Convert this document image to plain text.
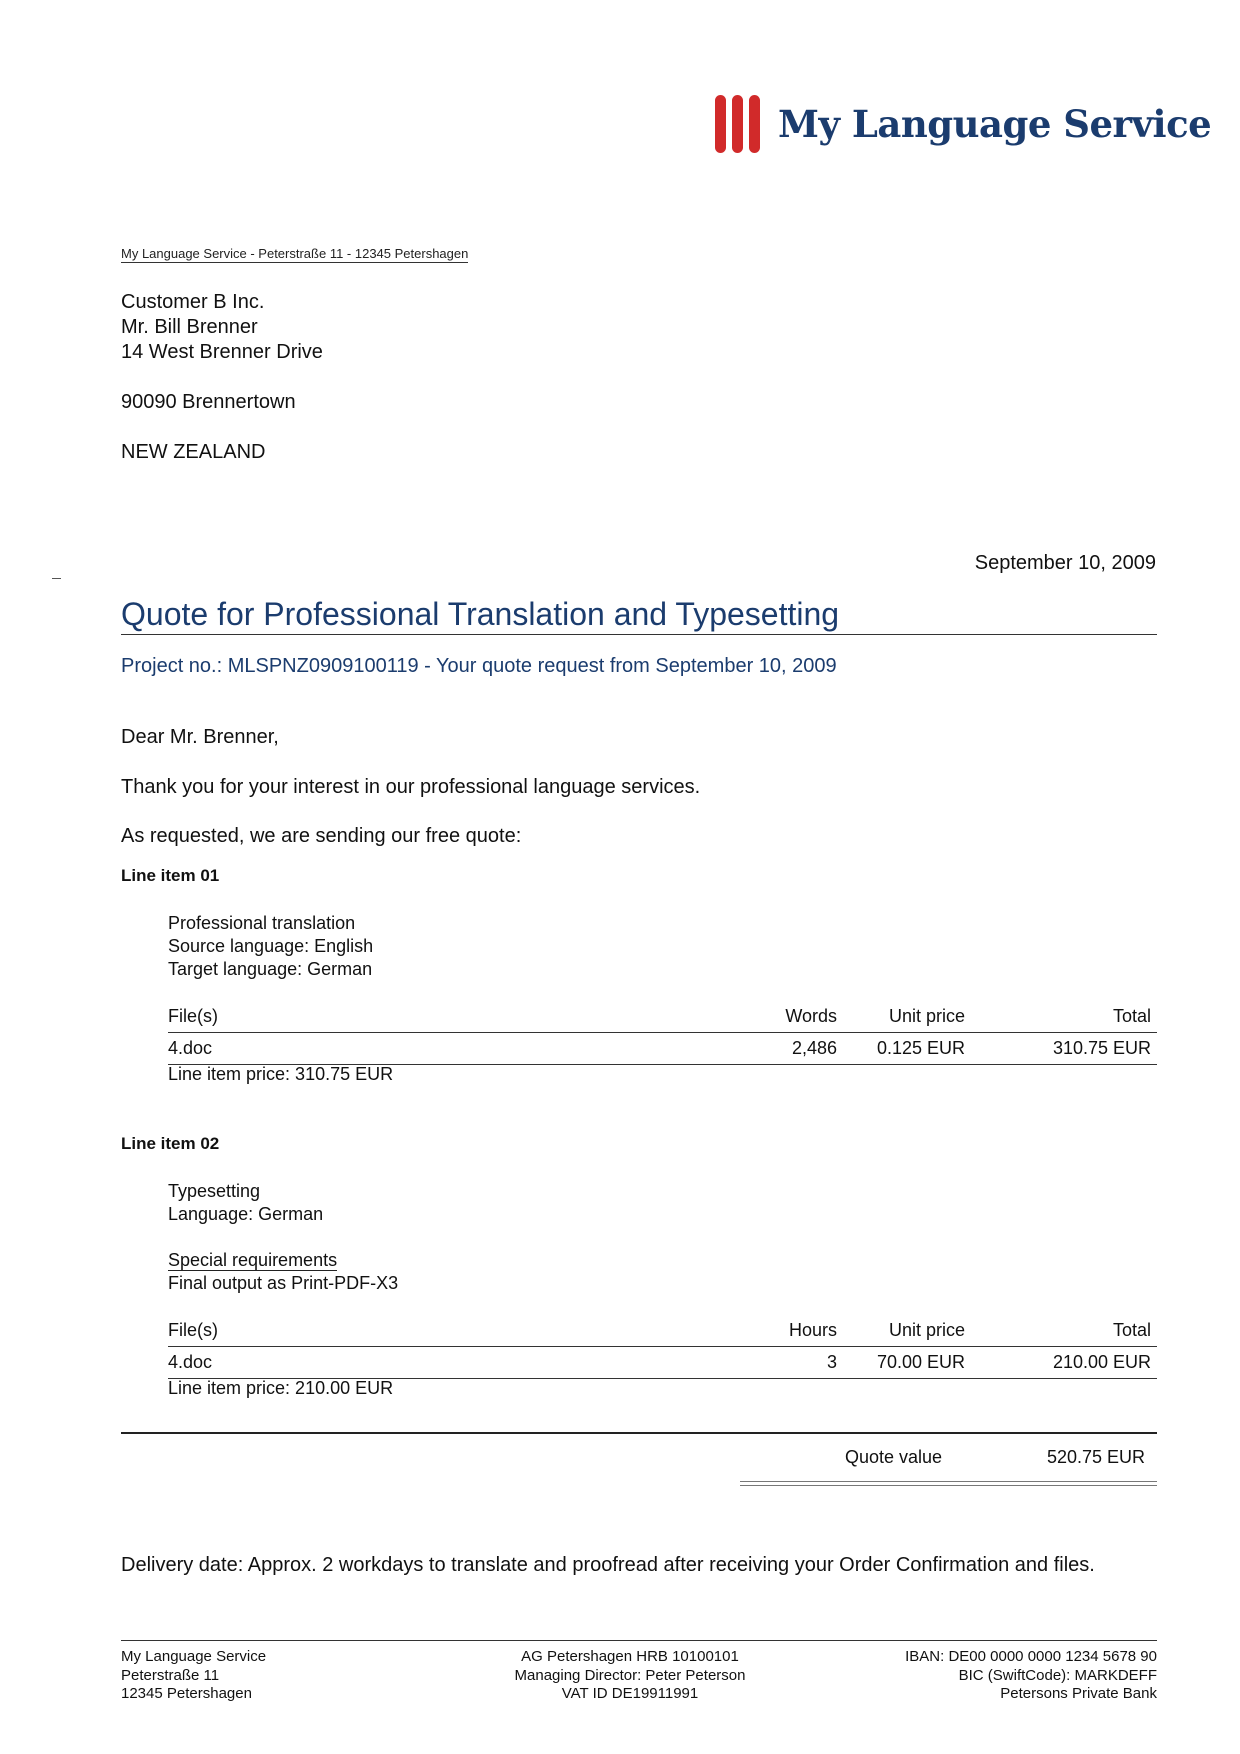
My Language Service
My Language Service - Peterstraße 11 - 12345 Petershagen
Customer B Inc.
Mr. Bill Brenner
14 West Brenner Drive
90090 Brennertown
NEW ZEALAND
September 10, 2009
Quote for Professional Translation and Typesetting
Project no.: MLSPNZ0909100119 - Your quote request from September 10, 2009
Dear Mr. Brenner,
Thank you for your interest in our professional language services.
As requested, we are sending our free quote:
Line item 01
Professional translation
Source language: English
Target language: German
File(s)	Words	Unit price	Total
4.doc	2,486	0.125 EUR	310.75 EUR
Line item price: 310.75 EUR
Line item 02
Typesetting
Language: German
Special requirements
Final output as Print-PDF-X3
File(s)	Hours	Unit price	Total
4.doc	3	70.00 EUR	210.00 EUR
Line item price: 210.00 EUR
Quote value	520.75 EUR
Delivery date: Approx. 2 workdays to translate and proofread after receiving your Order Confirmation and files.
My Language Service
Peterstraße 11
12345 Petershagen
AG Petershagen HRB 10100101
Managing Director: Peter Peterson
VAT ID DE19911991
IBAN: DE00 0000 0000 1234 5678 90
BIC (SwiftCode): MARKDEFF
Petersons Private Bank
